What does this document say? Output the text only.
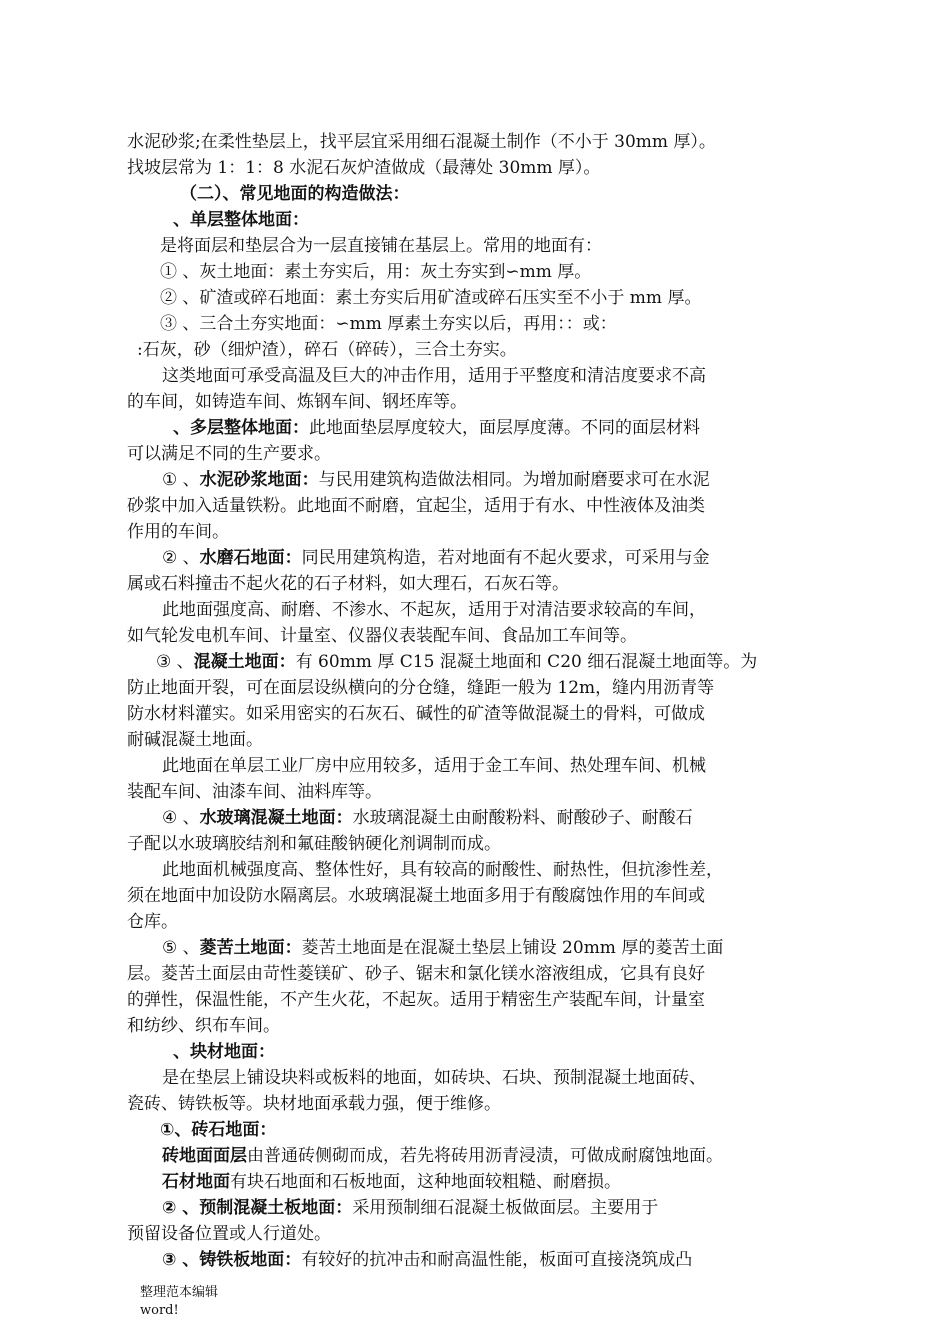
水泥砂浆;在柔性垫层上，找平层宜采用细石混凝土制作（不小于 30mm 厚）。
找坡层常为 1：1：8 水泥石灰炉渣做成（最薄处 30mm 厚）。
（二）、常见地面的构造做法：
、单层整体地面：
是将面层和垫层合为一层直接铺在基层上。常用的地面有：
① 、灰土地面：素土夯实后，用：灰土夯实到∽mm 厚。
② 、矿渣或碎石地面：素土夯实后用矿渣或碎石压实至不小于 mm 厚。
③ 、三合土夯实地面：∽mm 厚素土夯实以后，再用：：或：
:石灰，砂（细炉渣），碎石（碎砖），三合土夯实。
这类地面可承受高温及巨大的冲击作用，适用于平整度和清洁度要求不高
的车间，如铸造车间、炼钢车间、钢坯库等。
、多层整体地面：此地面垫层厚度较大，面层厚度薄。不同的面层材料
可以满足不同的生产要求。
① 、水泥砂浆地面：与民用建筑构造做法相同。为增加耐磨要求可在水泥
砂浆中加入适量铁粉。此地面不耐磨，宜起尘，适用于有水、中性液体及油类
作用的车间。
② 、水磨石地面：同民用建筑构造，若对地面有不起火要求，可采用与金
属或石料撞击不起火花的石子材料，如大理石，石灰石等。
此地面强度高、耐磨、不渗水、不起灰，适用于对清洁要求较高的车间，
如气轮发电机车间、计量室、仪器仪表装配车间、食品加工车间等。
③ 、混凝土地面：有 60mm 厚 C15 混凝土地面和 C20 细石混凝土地面等。为
防止地面开裂，可在面层设纵横向的分仓缝，缝距一般为 12m，缝内用沥青等
防水材料灌实。如采用密实的石灰石、碱性的矿渣等做混凝土的骨料，可做成
耐碱混凝土地面。
此地面在单层工业厂房中应用较多，适用于金工车间、热处理车间、机械
装配车间、油漆车间、油料库等。
④ 、水玻璃混凝土地面：水玻璃混凝土由耐酸粉料、耐酸砂子、耐酸石
子配以水玻璃胶结剂和氟硅酸钠硬化剂调制而成。
此地面机械强度高、整体性好，具有较高的耐酸性、耐热性，但抗渗性差，
须在地面中加设防水隔离层。水玻璃混凝土地面多用于有酸腐蚀作用的车间或
仓库。
⑤ 、菱苦土地面：菱苦土地面是在混凝土垫层上铺设 20mm 厚的菱苦土面
层。菱苦土面层由苛性菱镁矿、砂子、锯末和氯化镁水溶液组成，它具有良好
的弹性，保温性能，不产生火花，不起灰。适用于精密生产装配车间，计量室
和纺纱、织布车间。
、块材地面：
是在垫层上铺设块料或板料的地面，如砖块、石块、预制混凝土地面砖、
瓷砖、铸铁板等。块材地面承载力强，便于维修。
①、砖石地面：
砖地面面层由普通砖侧砌而成，若先将砖用沥青浸渍，可做成耐腐蚀地面。
石材地面有块石地面和石板地面，这种地面较粗糙、耐磨损。
② 、预制混凝土板地面：采用预制细石混凝土板做面层。主要用于
预留设备位置或人行道处。
③ 、铸铁板地面：有较好的抗冲击和耐高温性能，板面可直接浇筑成凸
整理范本编辑
word!
